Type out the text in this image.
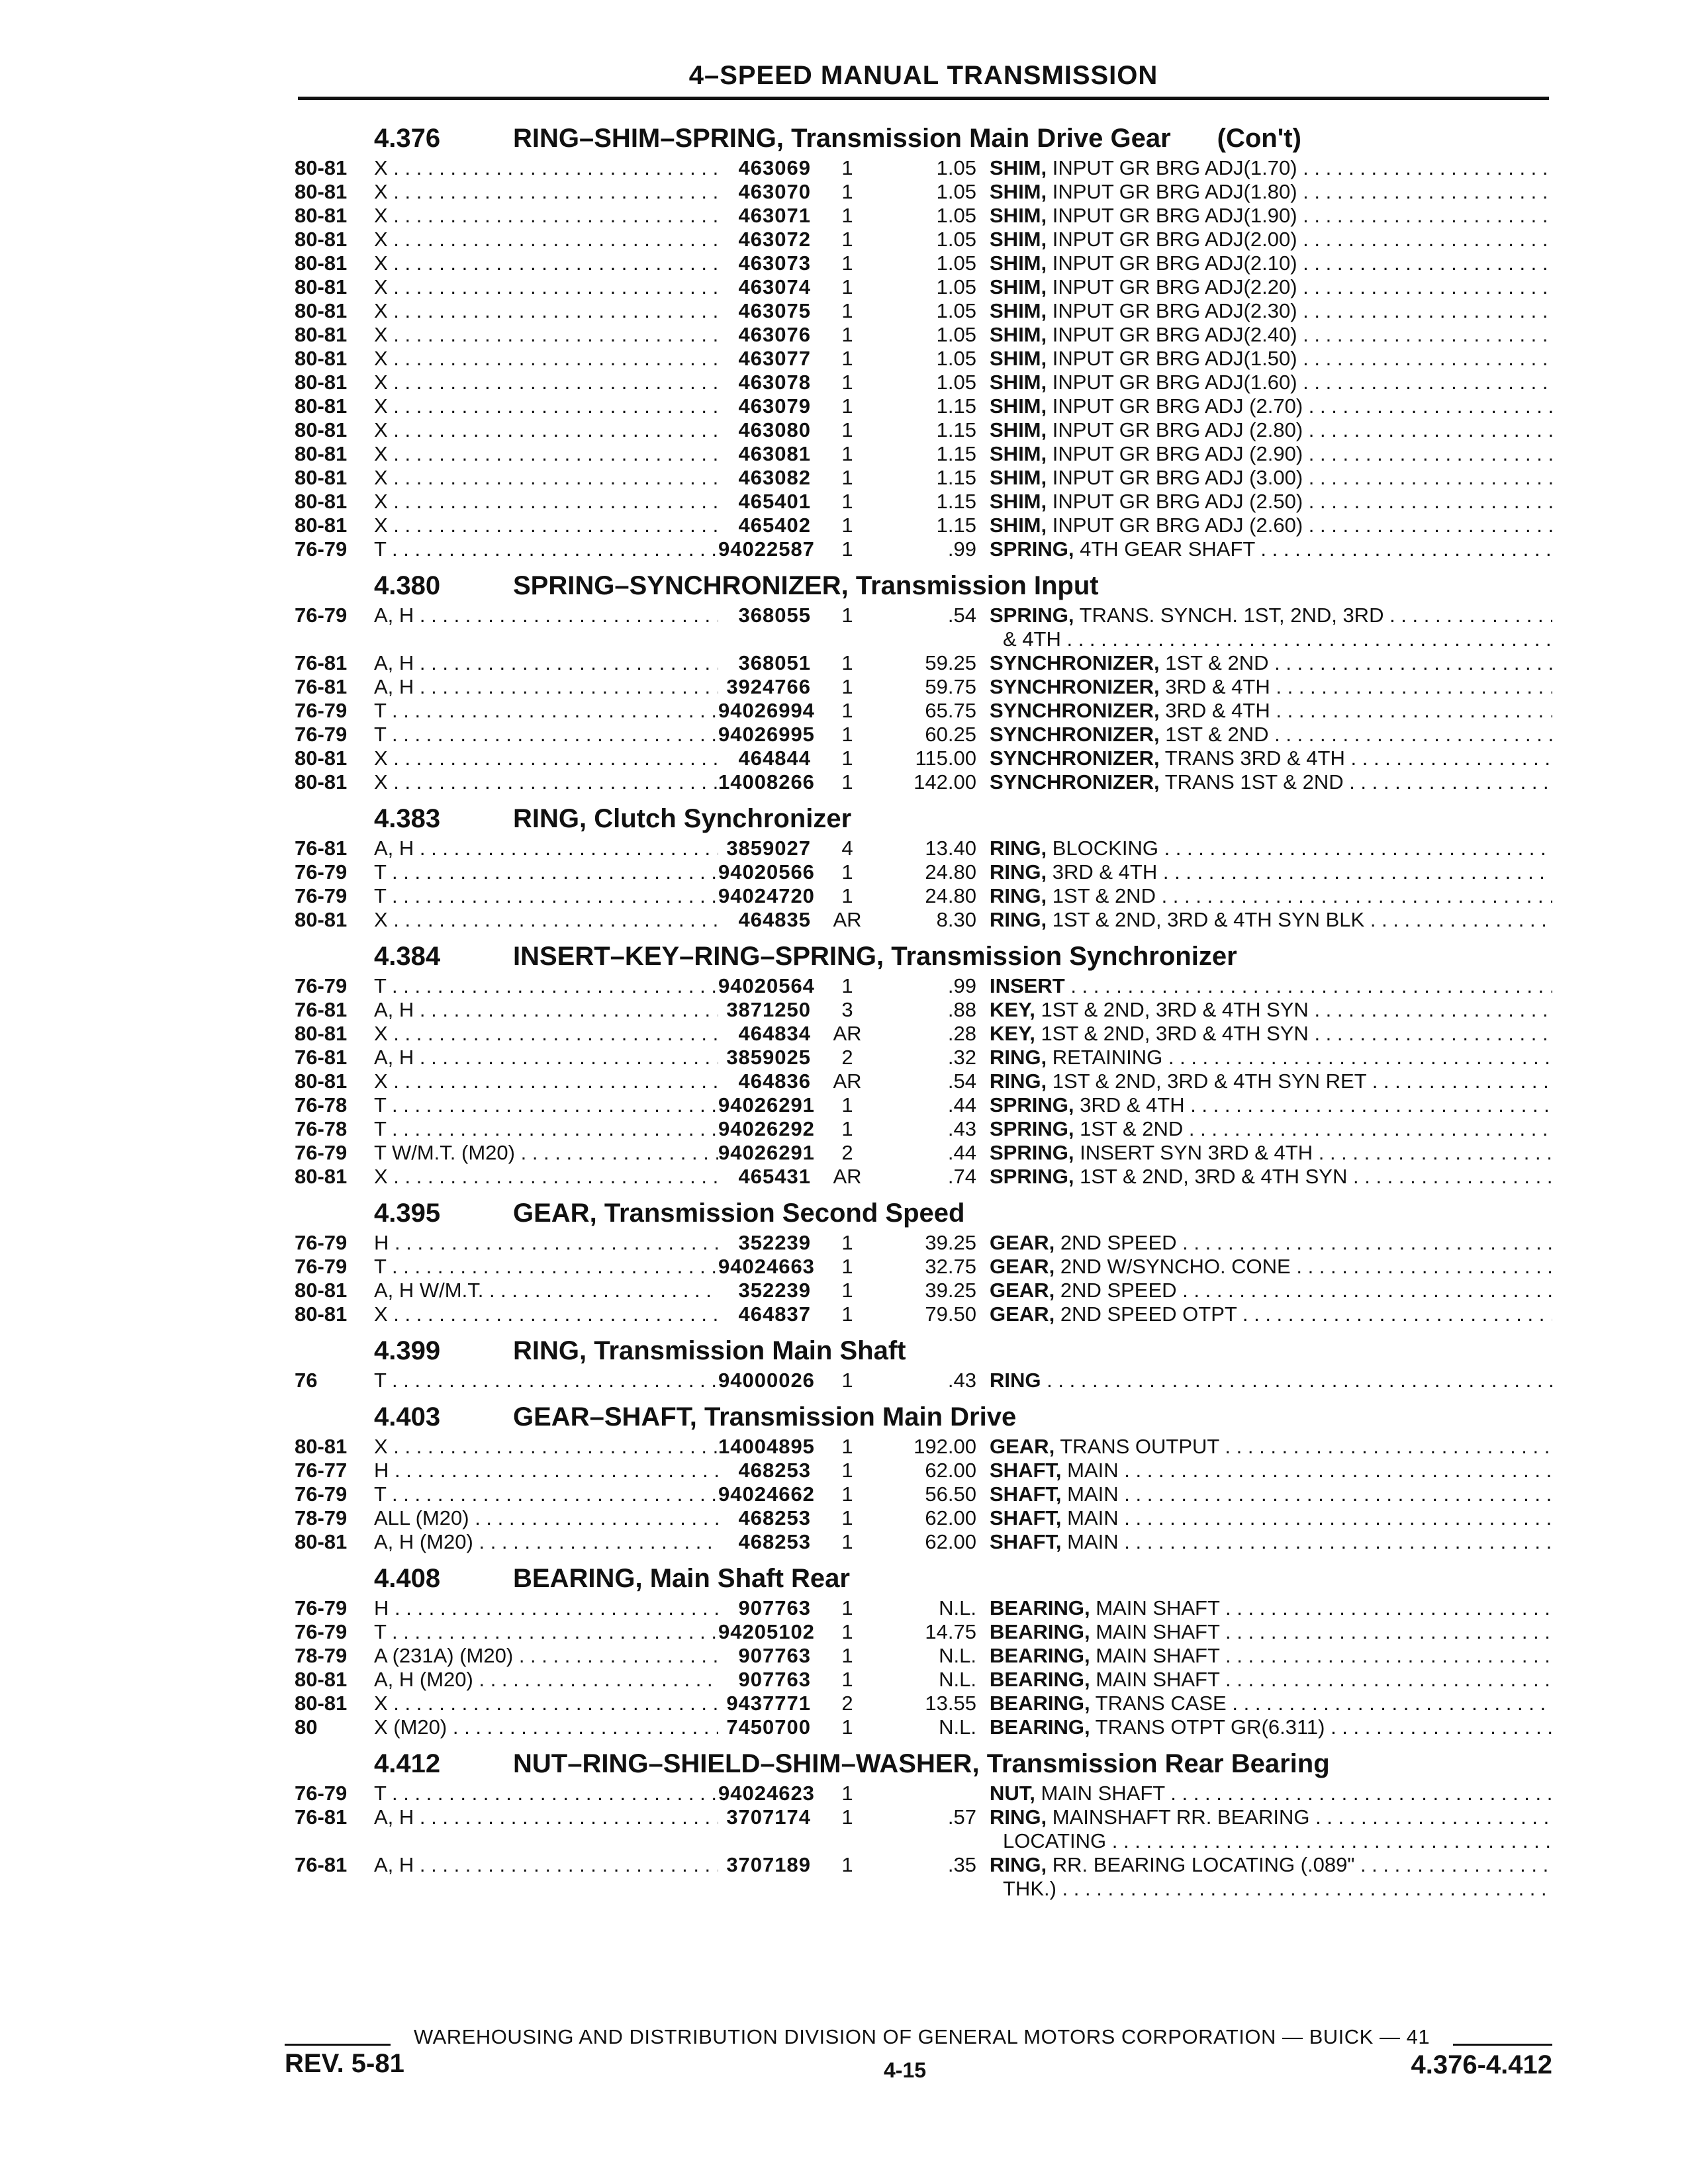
4–SPEED MANUAL TRANSMISSION
4.376	RING–SHIM–SPRING, Transmission Main Drive Gear (Con't)
80-81	X . . .	463069	1	1.05 SHIM, INPUT GR BRG ADJ(1.70) . . .
80-81	X . . .	463070	1	1.05 SHIM, INPUT GR BRG ADJ(1.80) . . .
80-81	X . . .	463071	1	1.05 SHIM, INPUT GR BRG ADJ(1.90) . . .
80-81	X . . .	463072	1	1.05 SHIM, INPUT GR BRG ADJ(2.00) . . .
80-81	X . . .	463073	1	1.05 SHIM, INPUT GR BRG ADJ(2.10) . . .
80-81	X . . .	463074	1	1.05 SHIM, INPUT GR BRG ADJ(2.20) . . .
80-81	X . . .	463075	1	1.05 SHIM, INPUT GR BRG ADJ(2.30) . . .
80-81	X . . .	463076	1	1.05 SHIM, INPUT GR BRG ADJ(2.40) . . .
80-81	X . . .	463077	1	1.05 SHIM, INPUT GR BRG ADJ(1.50) . . .
80-81	X . . .	463078	1	1.05 SHIM, INPUT GR BRG ADJ(1.60) . . .
80-81	X . . .	463079	1	1.15 SHIM, INPUT GR BRG ADJ (2.70) . . .
80-81	X . . .	463080	1	1.15 SHIM, INPUT GR BRG ADJ (2.80) . . .
80-81	X . . .	463081	1	1.15 SHIM, INPUT GR BRG ADJ (2.90) . . .
80-81	X . . .	463082	1	1.15 SHIM, INPUT GR BRG ADJ (3.00) . . .
80-81	X . . .	465401	1	1.15 SHIM, INPUT GR BRG ADJ (2.50) . . .
80-81	X . . .	465402	1	1.15 SHIM, INPUT GR BRG ADJ (2.60) . . .
76-79	T . . .	94022587	1	.99 SPRING, 4TH GEAR SHAFT . . .
4.380	SPRING–SYNCHRONIZER, Transmission Input
76-79	A, H . . .	368055	1	.54 SPRING, TRANS. SYNCH. 1ST, 2ND, 3RD . . .
& 4TH . . .
76-81	A, H . . .	368051	1	59.25 SYNCHRONIZER, 1ST & 2ND . . .
76-81	A, H . . .	3924766	1	59.75 SYNCHRONIZER, 3RD & 4TH . . .
76-79	T . . .	94026994	1	65.75 SYNCHRONIZER, 3RD & 4TH . . .
76-79	T . . .	94026995	1	60.25 SYNCHRONIZER, 1ST & 2ND . . .
80-81	X . . .	464844	1	115.00 SYNCHRONIZER, TRANS 3RD & 4TH . . .
80-81	X . . .	14008266	1	142.00 SYNCHRONIZER, TRANS 1ST & 2ND . . .
4.383	RING, Clutch Synchronizer
76-81	A, H . . .	3859027	4	13.40 RING, BLOCKING . . .
76-79	T . . .	94020566	1	24.80 RING, 3RD & 4TH . . .
76-79	T . . .	94024720	1	24.80 RING, 1ST & 2ND . . .
80-81	X . . .	464835	AR	8.30 RING, 1ST & 2ND, 3RD & 4TH SYN BLK . . .
4.384	INSERT–KEY–RING–SPRING, Transmission Synchronizer
76-79	T . . .	94020564	1	.99 INSERT . . .
76-81	A, H . . .	3871250	3	.88 KEY, 1ST & 2ND, 3RD & 4TH SYN . . .
80-81	X . . .	464834	AR	.28 KEY, 1ST & 2ND, 3RD & 4TH SYN . . .
76-81	A, H . . .	3859025	2	.32 RING, RETAINING . . .
80-81	X . . .	464836	AR	.54 RING, 1ST & 2ND, 3RD & 4TH SYN RET . . .
76-78	T . . .	94026291	1	.44 SPRING, 3RD & 4TH . . .
76-78	T . . .	94026292	1	.43 SPRING, 1ST & 2ND . . .
76-79	T W/M.T. (M20) . . .	94026291	2	.44 SPRING, INSERT SYN 3RD & 4TH . . .
80-81	X . . .	465431	AR	.74 SPRING, 1ST & 2ND, 3RD & 4TH SYN . . .
4.395	GEAR, Transmission Second Speed
76-79	H . . .	352239	1	39.25 GEAR, 2ND SPEED . . .
76-79	T . . .	94024663	1	32.75 GEAR, 2ND W/SYNCHO. CONE . . .
80-81	A, H W/M.T. . . .	352239	1	39.25 GEAR, 2ND SPEED . . .
80-81	X . . .	464837	1	79.50 GEAR, 2ND SPEED OTPT . . .
4.399	RING, Transmission Main Shaft
76	T . . .	94000026	1	.43 RING . . .
4.403	GEAR–SHAFT, Transmission Main Drive
80-81	X . . .	14004895	1	192.00 GEAR, TRANS OUTPUT . . .
76-77	H . . .	468253	1	62.00 SHAFT, MAIN . . .
76-79	T . . .	94024662	1	56.50 SHAFT, MAIN . . .
78-79	ALL (M20) . . .	468253	1	62.00 SHAFT, MAIN . . .
80-81	A, H (M20) . . .	468253	1	62.00 SHAFT, MAIN . . .
4.408	BEARING, Main Shaft Rear
76-79	H . . .	907763	1	N.L. BEARING, MAIN SHAFT . . .
76-79	T . . .	94205102	1	14.75 BEARING, MAIN SHAFT . . .
78-79	A (231A) (M20) . . .	907763	1	N.L. BEARING, MAIN SHAFT . . .
80-81	A, H (M20) . . .	907763	1	N.L. BEARING, MAIN SHAFT . . .
80-81	X . . .	9437771	2	13.55 BEARING, TRANS CASE . . .
80	X (M20) . . .	7450700	1	N.L. BEARING, TRANS OTPT GR(6.311) . . .
4.412	NUT–RING–SHIELD–SHIM–WASHER, Transmission Rear Bearing
76-79	T . . .	94024623	1	NUT, MAIN SHAFT . . .
76-81	A, H . . .	3707174	1	.57 RING, MAINSHAFT RR. BEARING . . .
LOCATING . . .
76-81	A, H . . .	3707189	1	.35 RING, RR. BEARING LOCATING (.089" . . .
THK.) . . .
WAREHOUSING AND DISTRIBUTION DIVISION OF GENERAL MOTORS CORPORATION — BUICK — 41
REV. 5-81	4-15	4.376-4.412
